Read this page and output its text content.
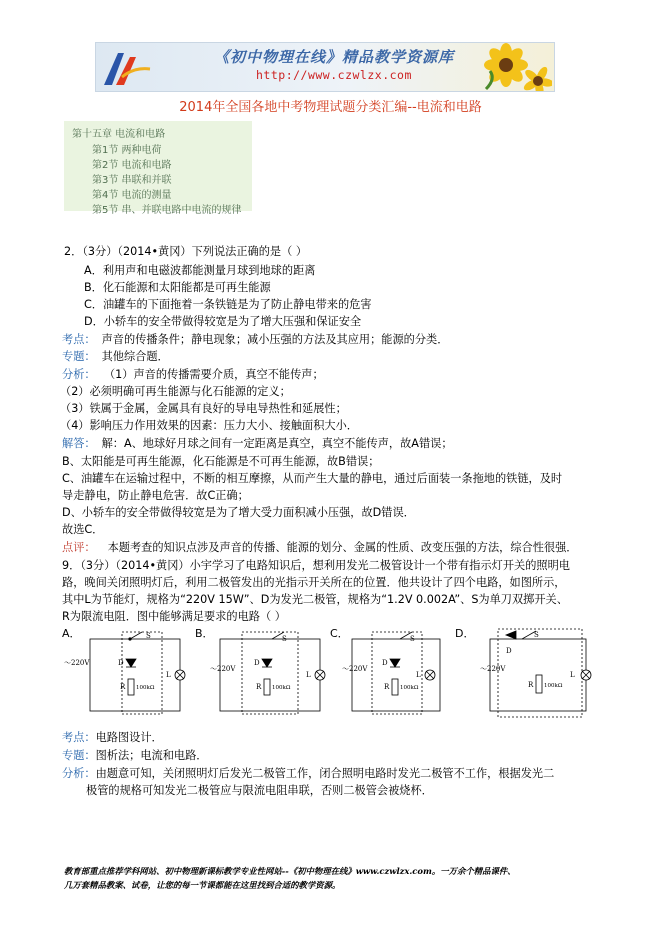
《初中物理在线》精品教学资源库
http://www.czwlzx.com
2014年全国各地中考物理试题分类汇编--电流和电路
第十五章 电流和电路
第1节 两种电荷
第2节 电流和电路
第3节 串联和并联
第4节 电流的测量
第5节 串、并联电路中电流的规律
2．（3分）（2014•黄冈）下列说法正确的是（ ）
A．利用声和电磁波都能测量月球到地球的距离
B．化石能源和太阳能都是可再生能源
C．油罐车的下面拖着一条铁链是为了防止静电带来的危害
D．小轿车的安全带做得较宽是为了增大压强和保证安全
考点： 声音的传播条件；静电现象；减小压强的方法及其应用；能源的分类．
专题： 其他综合题．
分析： （1）声音的传播需要介质，真空不能传声；
（2）必须明确可再生能源与化石能源的定义；
（3）铁属于金属，金属具有良好的导电导热性和延展性；
（4）影响压力作用效果的因素：压力大小、接触面积大小．
解答： 解：A、地球好月球之间有一定距离是真空，真空不能传声，故A错误；
B、太阳能是可再生能源，化石能源是不可再生能源，故B错误；
C、油罐车在运输过程中，不断的相互摩擦，从而产生大量的静电，通过后面装一条拖地的铁链，及时
导走静电，防止静电危害．故C正确；
D、小轿车的安全带做得较宽是为了增大受力面积减小压强，故D错误．
故选C．
点评： 本题考查的知识点涉及声音的传播、能源的划分、金属的性质、改变压强的方法，综合性很强．
9．（3分）（2014•黄冈）小宇学习了电路知识后，想利用发光二极管设计一个带有指示灯开关的照明电
路，晚间关闭照明灯后，利用二极管发出的光指示开关所在的位置．他共设计了四个电路，如图所示，
其中L为节能灯，规格为“220V 15W”、D为发光二极管，规格为“1.2V 0.002A”、S为单刀双掷开关、
R为限流电阻．图中能够满足要求的电路（ ）
A．	B．	C．	D．
～220V
S
D
R 100kΩ
L
～220V
S
D
R 100kΩ
L
～220V
S
D
R 100kΩ
L
～220V
S
D
R 100kΩ
L
考点：电路图设计．
专题：图析法；电流和电路．
分析：由题意可知，关闭照明灯后发光二极管工作，闭合照明电路时发光二极管不工作，根据发光二
极管的规格可知发光二极管应与限流电阻串联，否则二极管会被烧杯．
教育部重点推荐学科网站、初中物理新课标教学专业性网站--《初中物理在线》www.czwlzx.com。一万余个精品课件、
几万套精品教案、试卷，让您的每一节课都能在这里找到合适的教学资源。
